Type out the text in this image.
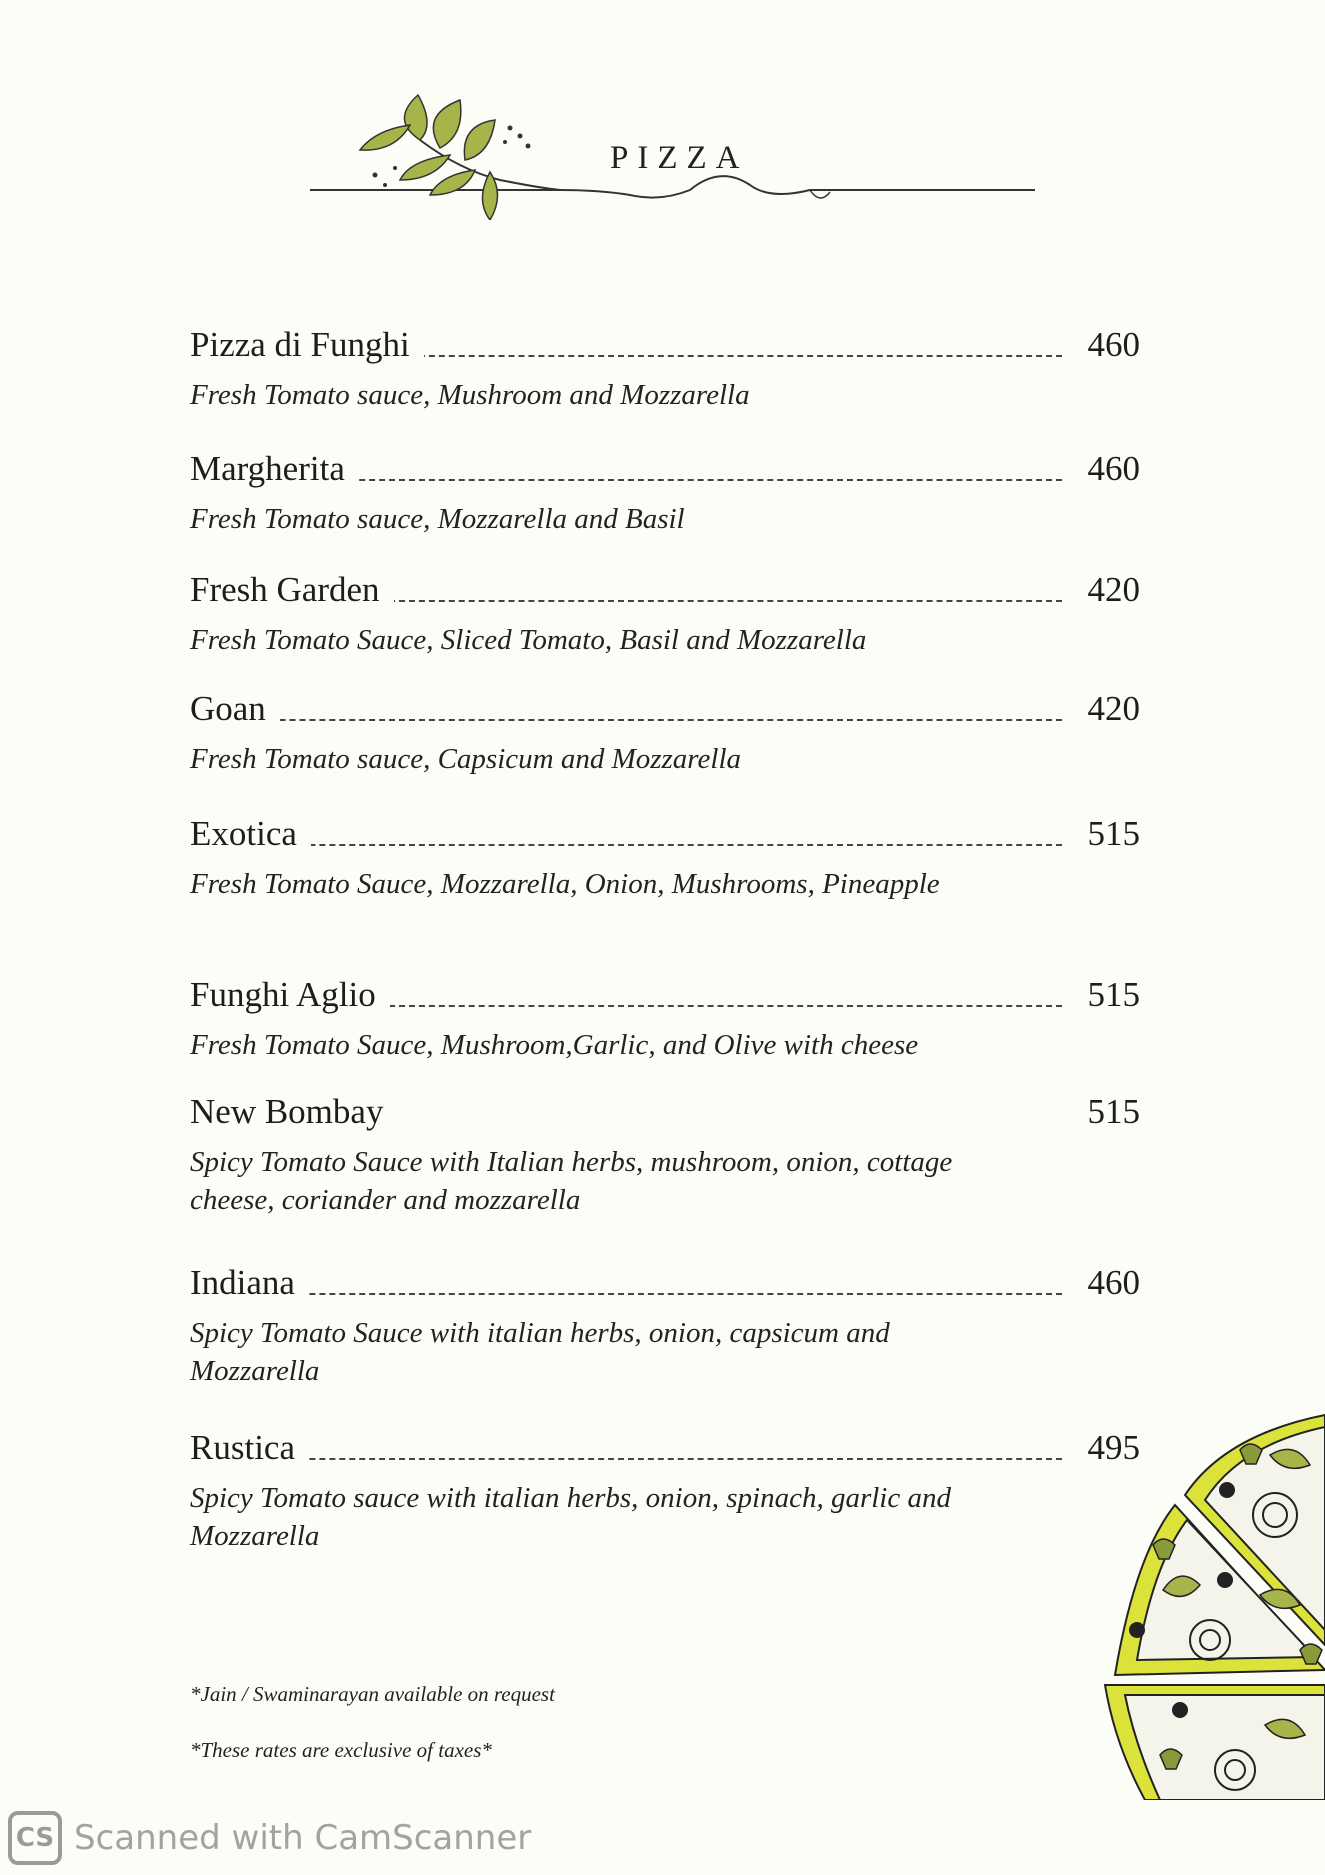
PIZZA
Pizza di Funghi	460

Fresh Tomato sauce, Mushroom and Mozzarella

Margherita	460

Fresh Tomato sauce, Mozzarella and Basil

Fresh Garden	420

Fresh Tomato Sauce, Sliced Tomato, Basil and Mozzarella

Goan	420

Fresh Tomato sauce, Capsicum and Mozzarella

Exotica	515

Fresh Tomato Sauce, Mozzarella, Onion, Mushrooms, Pineapple

Funghi Aglio	515

Fresh Tomato Sauce, Mushroom,Garlic, and Olive with cheese

New Bombay	515

Spicy Tomato Sauce with Italian herbs, mushroom, onion, cottage cheese, coriander and mozzarella

Indiana	460

Spicy Tomato Sauce with italian herbs, onion, capsicum and Mozzarella

Rustica	495

Spicy Tomato sauce with italian herbs, onion, spinach, garlic and Mozzarella

*Jain / Swaminarayan available on request
*These rates are exclusive of taxes*
CS Scanned with CamScanner
